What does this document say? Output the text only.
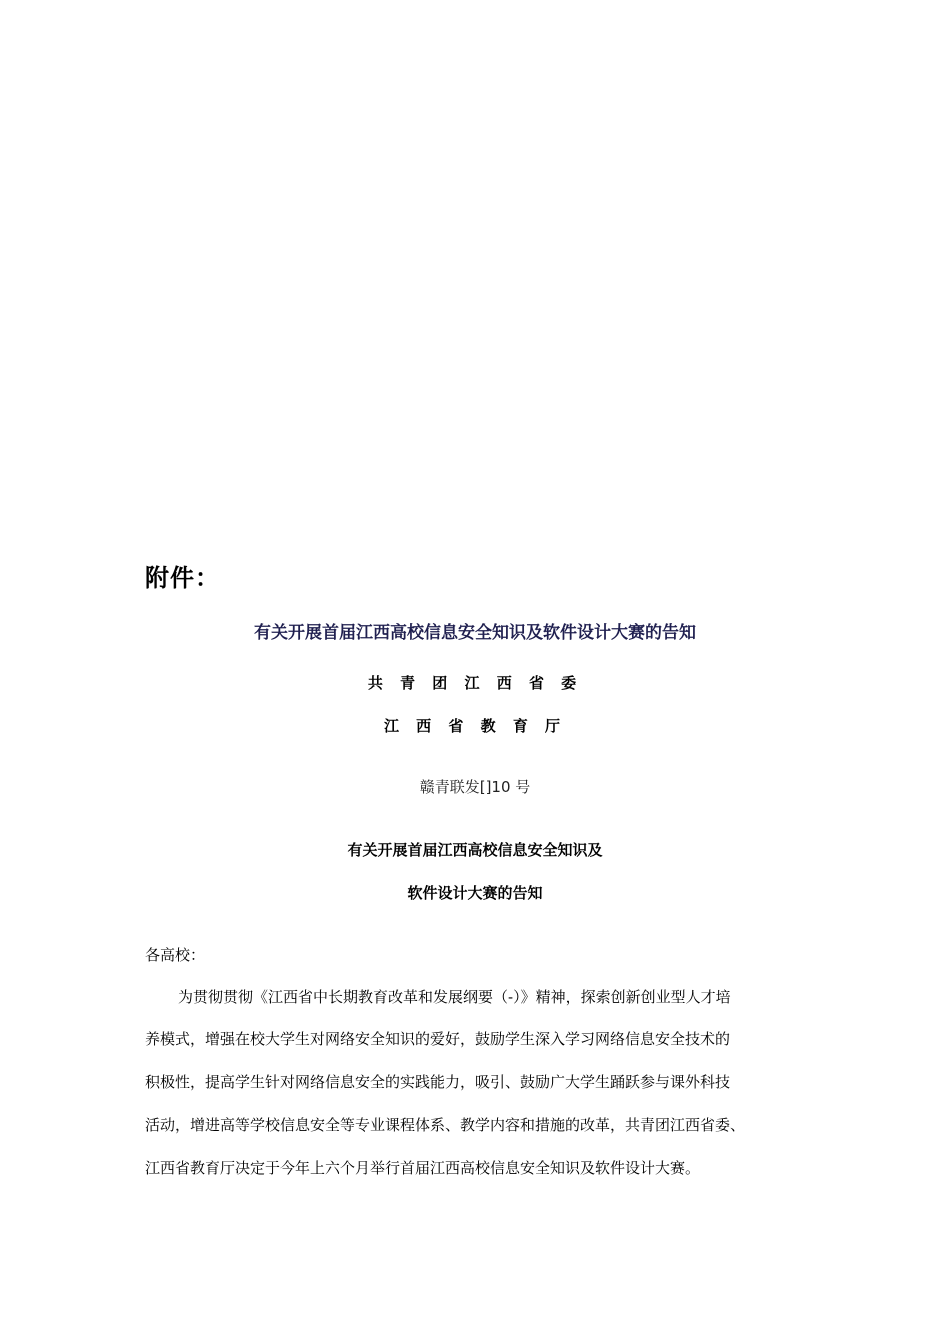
附件：
有关开展首届江西高校信息安全知识及软件设计大赛的告知
共 青 团 江 西 省 委
江 西 省 教 育 厅
赣青联发[]10 号
有关开展首届江西高校信息安全知识及
软件设计大赛的告知
各高校：
为贯彻贯彻《江西省中长期教育改革和发展纲要（-）》精神，探索创新创业型人才培
养模式，增强在校大学生对网络安全知识的爱好，鼓励学生深入学习网络信息安全技术的
积极性，提高学生针对网络信息安全的实践能力，吸引、鼓励广大学生踊跃参与课外科技
活动，增进高等学校信息安全等专业课程体系、教学内容和措施的改革，共青团江西省委、
江西省教育厅决定于今年上六个月举行首届江西高校信息安全知识及软件设计大赛。
